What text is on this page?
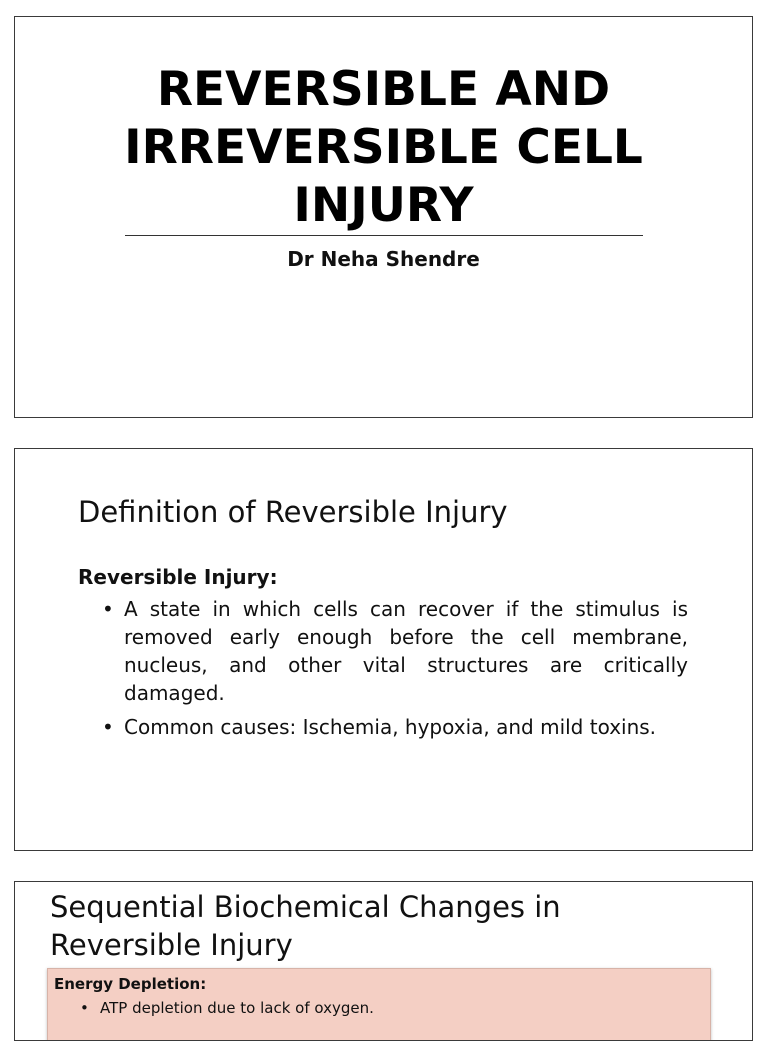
REVERSIBLE AND
IRREVERSIBLE CELL
INJURY
Dr Neha Shendre
Definition of Reversible Injury
Reversible Injury:
• A state in which cells can recover if the stimulus is removed early enough before the cell membrane, nucleus, and other vital structures are critically damaged.
• Common causes: Ischemia, hypoxia, and mild toxins.
Sequential Biochemical Changes in
Reversible Injury
Energy Depletion:
• ATP depletion due to lack of oxygen.
